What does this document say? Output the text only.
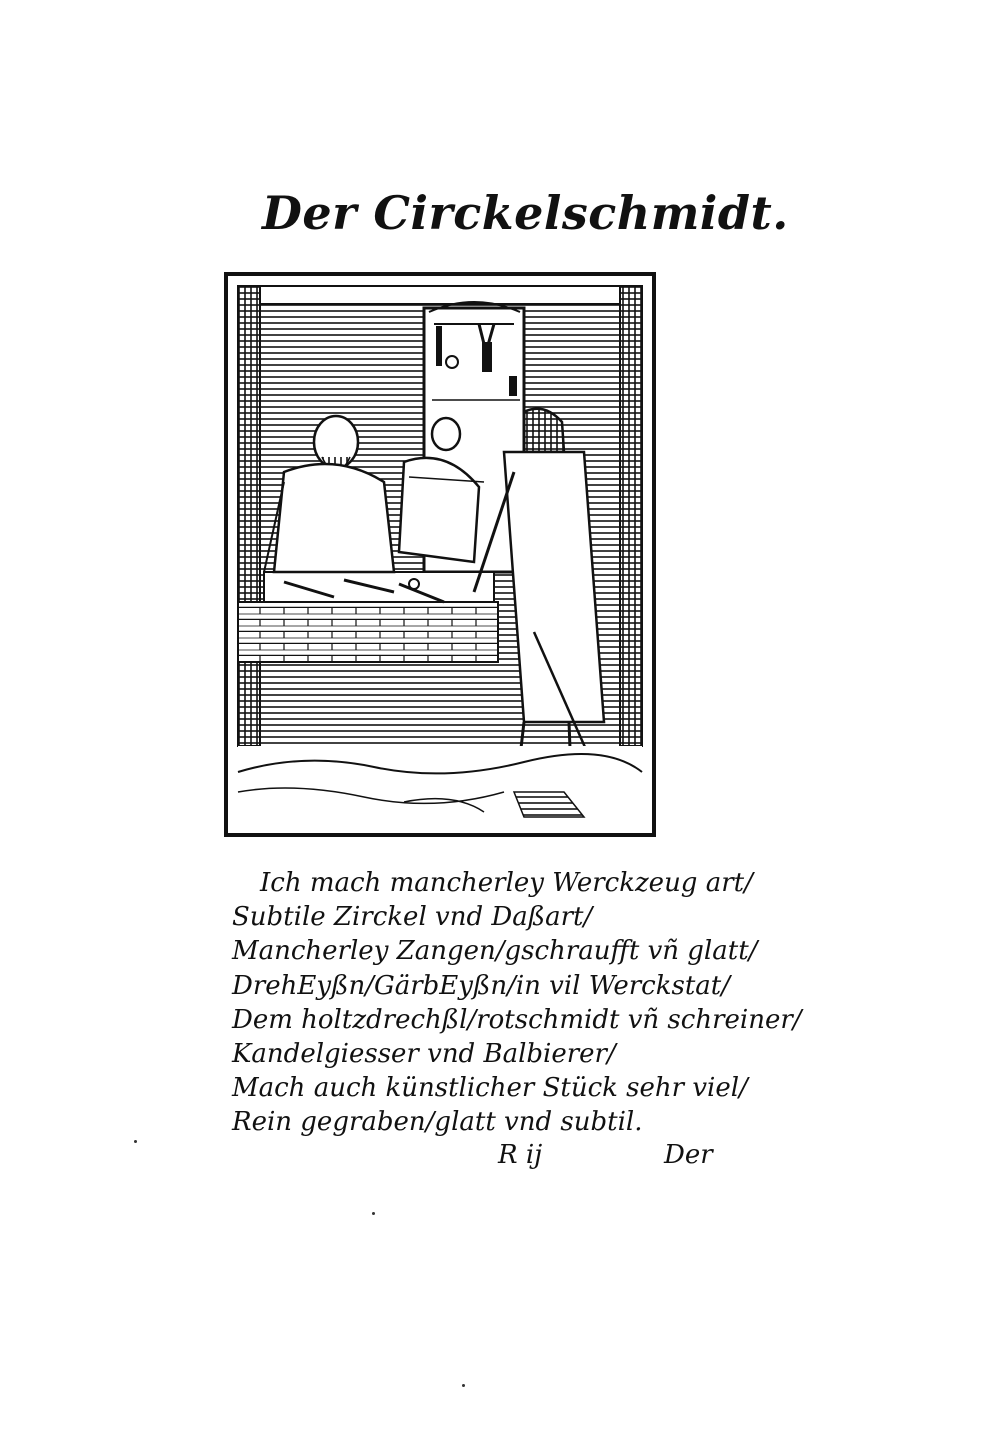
Der Circkelschmidt.
Ich mach mancherley Werckzeug art/
Subtile Zirckel vnd Daßart/
Mancherley Zangen/gschraufft vñ glatt/
DrehEyßn/GärbEyßn/in vil Werckstat/
Dem holtzdrechßl/rotschmidt vñ schreiner/
Kandelgiesser vnd Balbierer/
Mach auch künstlicher Stück sehr viel/
Rein gegraben/glatt vnd subtil.
R ij	Der
